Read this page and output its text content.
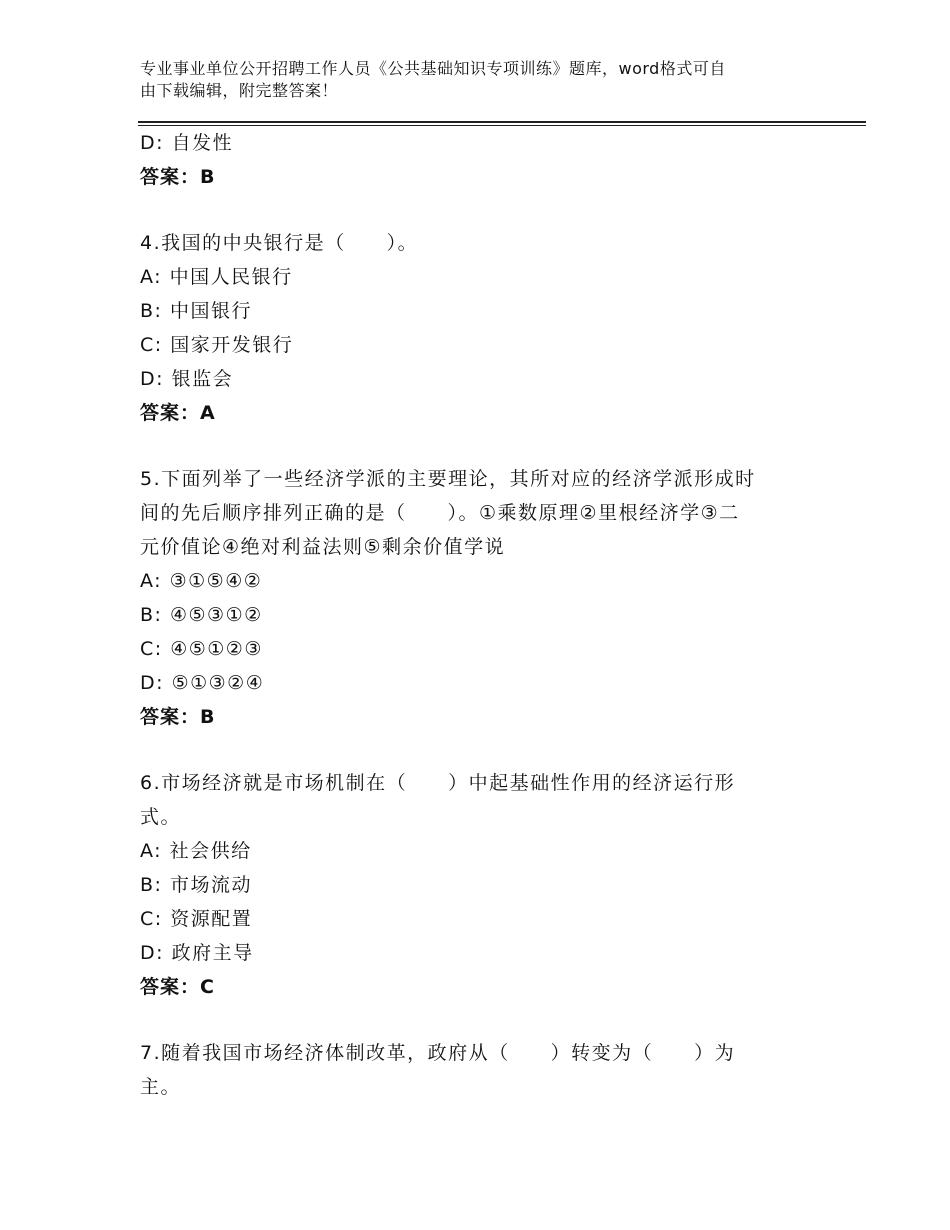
专业事业单位公开招聘工作人员《公共基础知识专项训练》题库，word格式可自
由下载编辑，附完整答案！
D: 自发性
答案：B
4.我国的中央银行是（　　）。
A: 中国人民银行
B: 中国银行
C: 国家开发银行
D: 银监会
答案：A
5.下面列举了一些经济学派的主要理论，其所对应的经济学派形成时
间的先后顺序排列正确的是（　　）。①乘数原理②里根经济学③二
元价值论④绝对利益法则⑤剩余价值学说
A: ③①⑤④②
B: ④⑤③①②
C: ④⑤①②③
D: ⑤①③②④
答案：B
6.市场经济就是市场机制在（　　）中起基础性作用的经济运行形
式。
A: 社会供给
B: 市场流动
C: 资源配置
D: 政府主导
答案：C
7.随着我国市场经济体制改革，政府从（　　）转变为（　　）为
主。
